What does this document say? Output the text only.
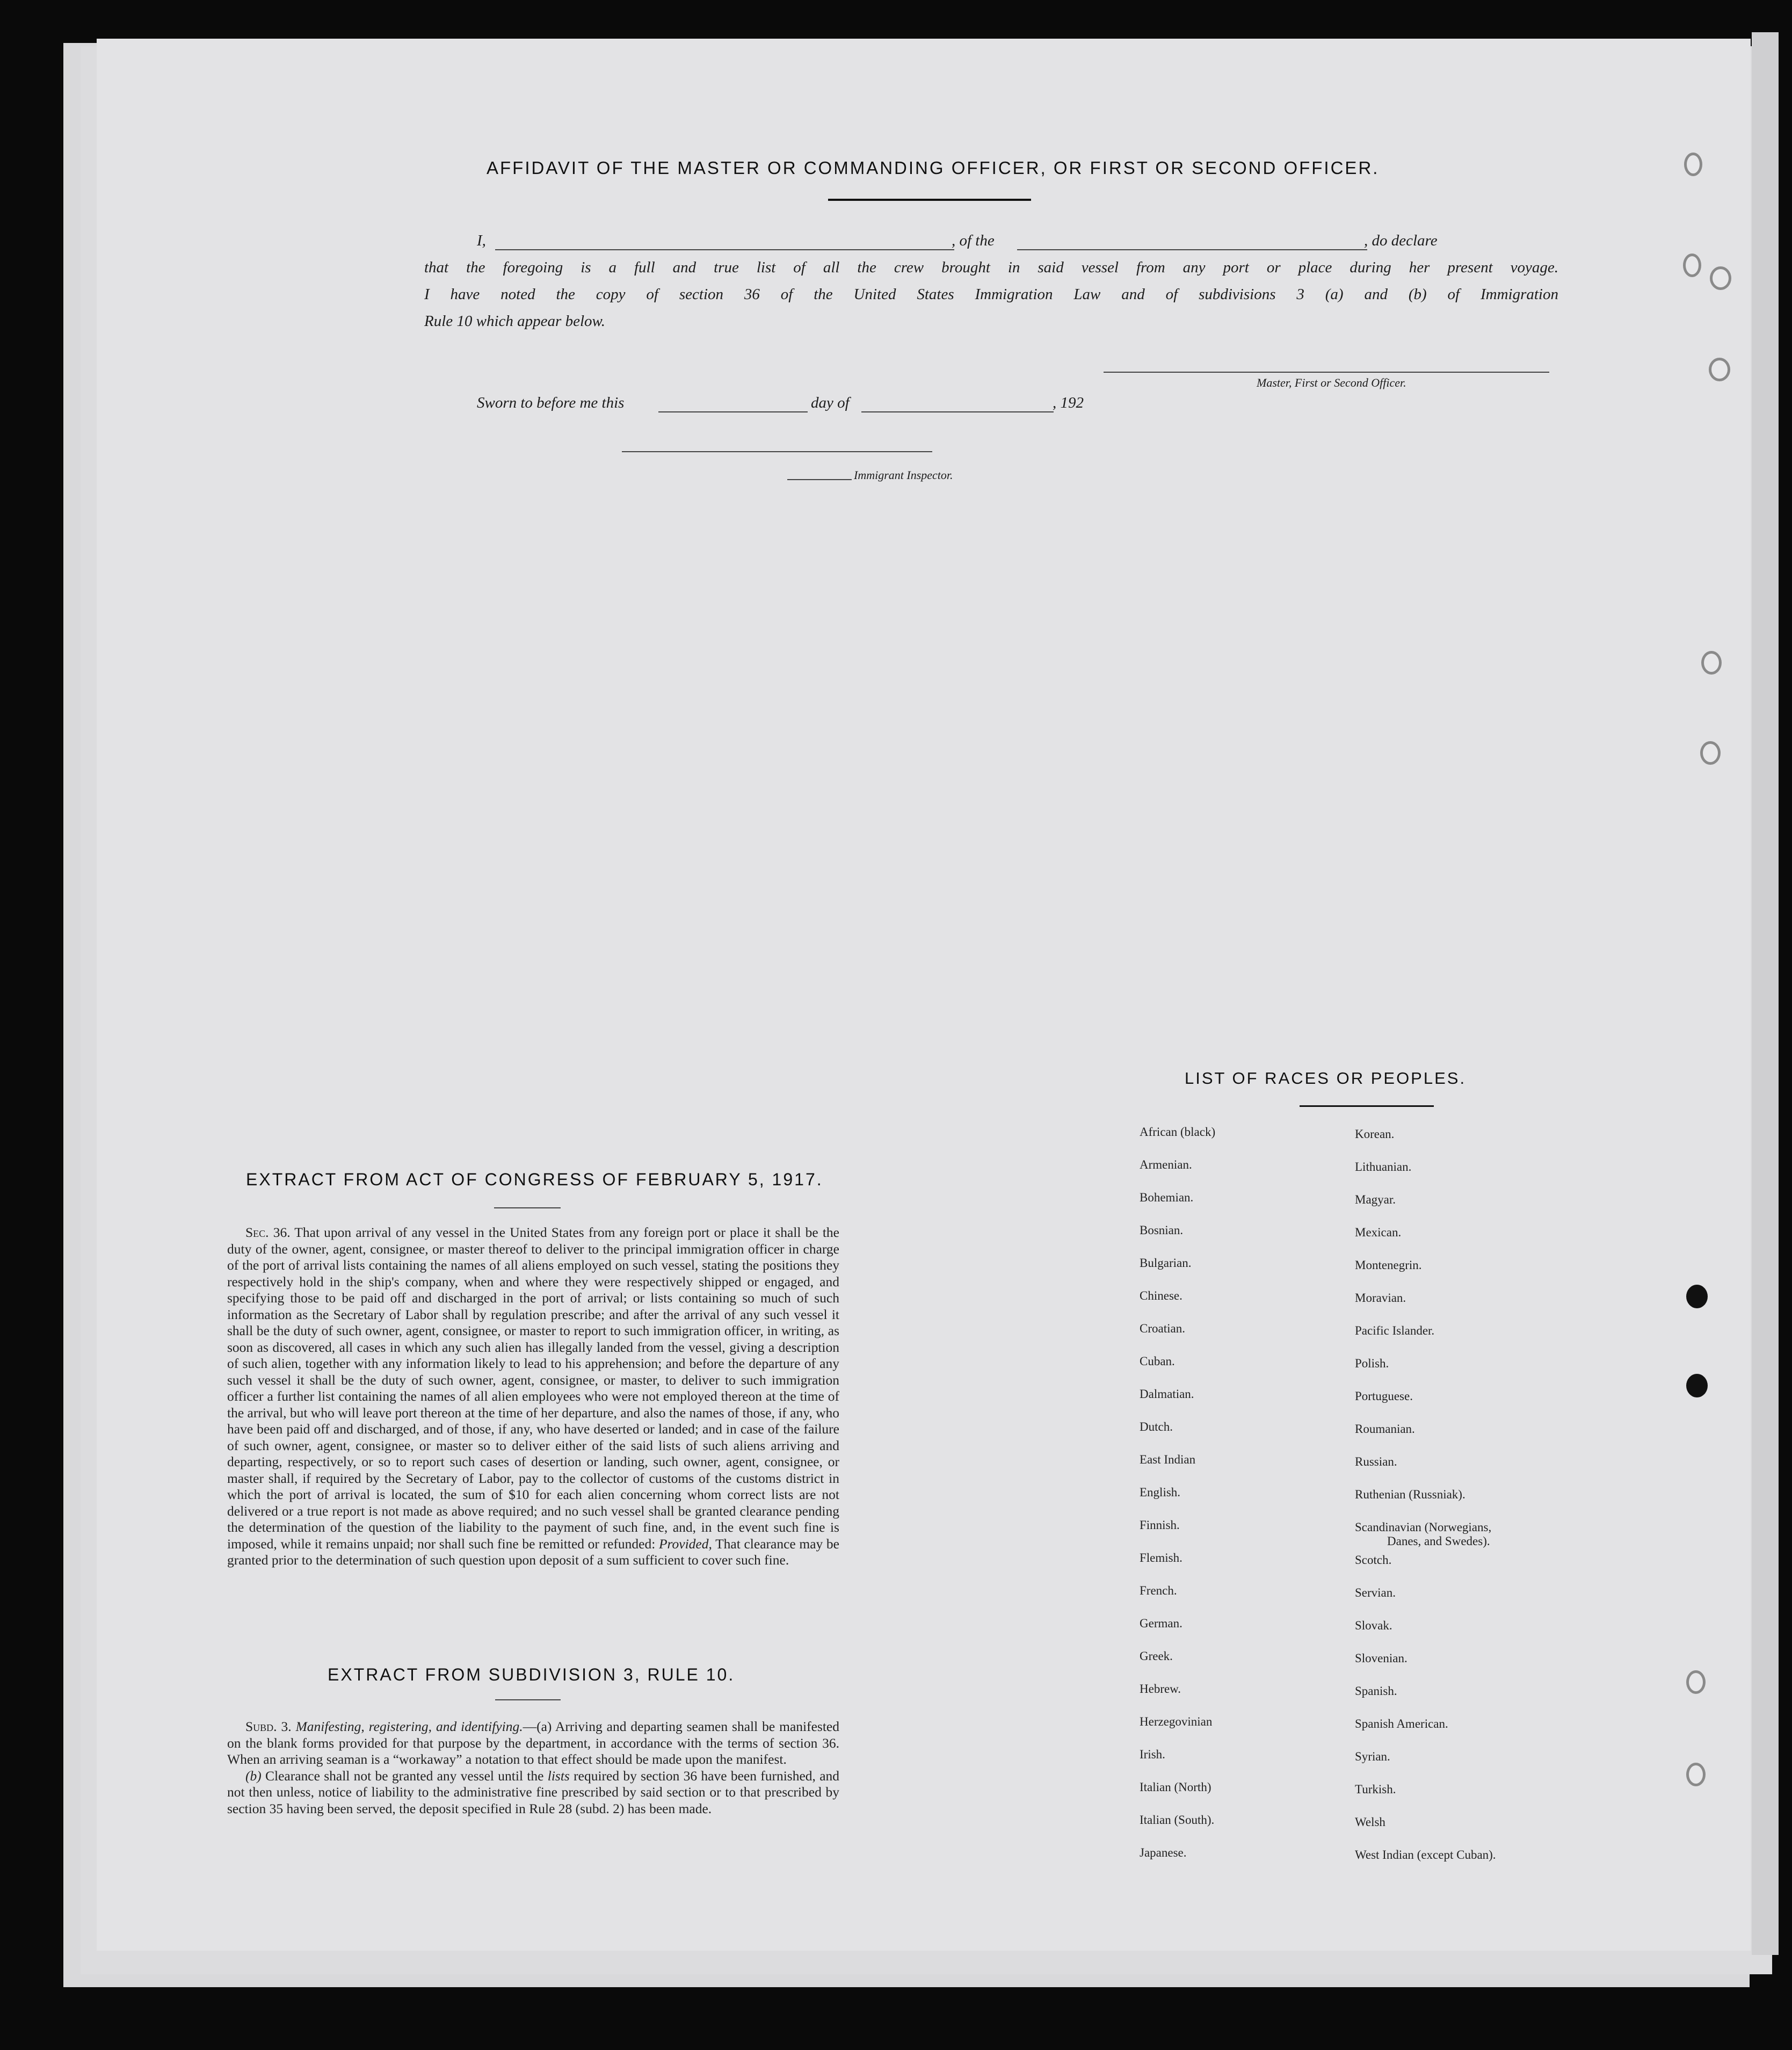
AFFIDAVIT OF THE MASTER OR COMMANDING OFFICER, OR FIRST OR SECOND OFFICER.
I,	, of the	, do declare
that the foregoing is a full and true list of all the crew brought in said vessel from any port or place during her present voyage.
I have noted the copy of section 36 of the United States Immigration Law and of subdivisions 3 (a) and (b) of Immigration
Rule 10 which appear below.
Master, First or Second Officer.
Sworn to before me this	day of	, 192
Immigrant Inspector.
EXTRACT FROM ACT OF CONGRESS OF FEBRUARY 5, 1917.

Sec. 36. That upon arrival of any vessel in the United States from any foreign port or place it shall be the duty of the owner, agent, consignee, or master thereof to deliver to the principal immigration officer in charge of the port of arrival lists containing the names of all aliens employed on such vessel, stating the positions they respectively hold in the ship's company, when and where they were respectively shipped or engaged, and specifying those to be paid off and discharged in the port of arrival; or lists containing so much of such information as the Secretary of Labor shall by regulation prescribe; and after the arrival of any such vessel it shall be the duty of such owner, agent, consignee, or master to report to such immigration officer, in writing, as soon as discovered, all cases in which any such alien has illegally landed from the vessel, giving a description of such alien, together with any information likely to lead to his apprehension; and before the departure of any such vessel it shall be the duty of such owner, agent, consignee, or master, to deliver to such immigration officer a further list containing the names of all alien employees who were not employed thereon at the time of the arrival, but who will leave port thereon at the time of her departure, and also the names of those, if any, who have been paid off and discharged, and of those, if any, who have deserted or landed; and in case of the failure of such owner, agent, consignee, or master so to deliver either of the said lists of such aliens arriving and departing, respectively, or so to report such cases of desertion or landing, such owner, agent, consignee, or master shall, if required by the Secretary of Labor, pay to the collector of customs of the customs district in which the port of arrival is located, the sum of $10 for each alien concerning whom correct lists are not delivered or a true report is not made as above required; and no such vessel shall be granted clearance pending the determination of the question of the liability to the payment of such fine, and, in the event such fine is imposed, while it remains unpaid; nor shall such fine be remitted or refunded: Provided, That clearance may be granted prior to the determination of such question upon deposit of a sum sufficient to cover such fine.

EXTRACT FROM SUBDIVISION 3, RULE 10.

Subd. 3. Manifesting, registering, and identifying.—(a) Arriving and departing seamen shall be manifested on the blank forms provided for that purpose by the department, in accordance with the terms of section 36. When an arriving seaman is a “workaway” a notation to that effect should be made upon the manifest.

(b) Clearance shall not be granted any vessel until the lists required by section 36 have been furnished, and not then unless, notice of liability to the administrative fine prescribed by said section or to that prescribed by section 35 having been served, the deposit specified in Rule 28 (subd. 2) has been made.

LIST OF RACES OR PEOPLES.
African (black)
Armenian.
Bohemian.
Bosnian.
Bulgarian.
Chinese.
Croatian.
Cuban.
Dalmatian.
Dutch.
East Indian
English.
Finnish.
Flemish.
French.
German.
Greek.
Hebrew.
Herzegovinian
Irish.
Italian (North)
Italian (South).
Japanese.
Korean.
Lithuanian.
Magyar.
Mexican.
Montenegrin.
Moravian.
Pacific Islander.
Polish.
Portuguese.
Roumanian.
Russian.
Ruthenian (Russniak).
Scandinavian (Norwegians,
Danes, and Swedes).
Scotch.
Servian.
Slovak.
Slovenian.
Spanish.
Spanish American.
Syrian.
Turkish.
Welsh
West Indian (except Cuban).
